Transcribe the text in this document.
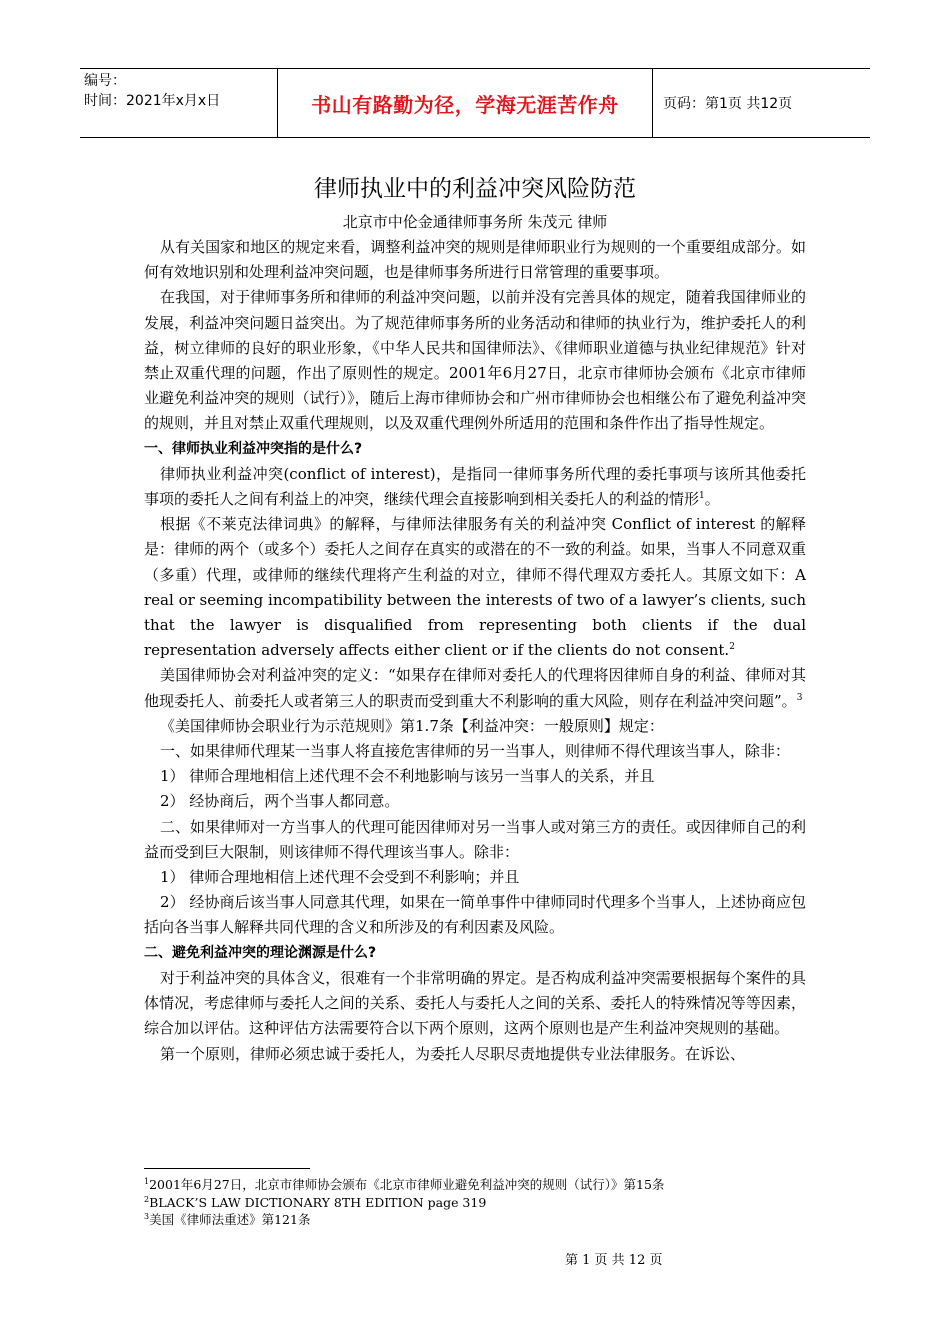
编号：
时间：2021年x月x日	书山有路勤为径，学海无涯苦作舟	页码：第1页 共12页
律师执业中的利益冲突风险防范
北京市中伦金通律师事务所 朱茂元 律师

从有关国家和地区的规定来看，调整利益冲突的规则是律师职业行为规则的一个重要组成部分。如何有效地识别和处理利益冲突问题，也是律师事务所进行日常管理的重要事项。

在我国，对于律师事务所和律师的利益冲突问题，以前并没有完善具体的规定，随着我国律师业的发展，利益冲突问题日益突出。为了规范律师事务所的业务活动和律师的执业行为，维护委托人的利益，树立律师的良好的职业形象，《中华人民共和国律师法》、《律师职业道德与执业纪律规范》针对禁止双重代理的问题，作出了原则性的规定。2001年6月27日，北京市律师协会颁布《北京市律师业避免利益冲突的规则（试行）》，随后上海市律师协会和广州市律师协会也相继公布了避免利益冲突的规则，并且对禁止双重代理规则，以及双重代理例外所适用的范围和条件作出了指导性规定。

一、律师执业利益冲突指的是什么?

律师执业利益冲突(conflict of interest)，是指同一律师事务所代理的委托事项与该所其他委托事项的委托人之间有利益上的冲突，继续代理会直接影响到相关委托人的利益的情形$^1$。

根据《不莱克法律词典》的解释，与律师法律服务有关的利益冲突 Conflict of interest 的解释是：律师的两个（或多个）委托人之间存在真实的或潜在的不一致的利益。如果，当事人不同意双重（多重）代理，或律师的继续代理将产生利益的对立，律师不得代理双方委托人。其原文如下：A real or seeming incompatibility between the interests of two of a lawyer’s clients, such that the lawyer is disqualified from representing both clients if the dual representation adversely affects either client or if the clients do not consent.$^2$

美国律师协会对利益冲突的定义：“如果存在律师对委托人的代理将因律师自身的利益、律师对其他现委托人、前委托人或者第三人的职责而受到重大不利影响的重大风险，则存在利益冲突问题”。$^3$

《美国律师协会职业行为示范规则》第1.7条【利益冲突：一般原则】规定：

一、如果律师代理某一当事人将直接危害律师的另一当事人，则律师不得代理该当事人，除非：

1） 律师合理地相信上述代理不会不利地影响与该另一当事人的关系，并且

2） 经协商后，两个当事人都同意。

二、如果律师对一方当事人的代理可能因律师对另一当事人或对第三方的责任。或因律师自己的利益而受到巨大限制，则该律师不得代理该当事人。除非：

1） 律师合理地相信上述代理不会受到不利影响；并且

2） 经协商后该当事人同意其代理，如果在一简单事件中律师同时代理多个当事人，上述协商应包括向各当事人解释共同代理的含义和所涉及的有利因素及风险。

二、避免利益冲突的理论渊源是什么?

对于利益冲突的具体含义，很难有一个非常明确的界定。是否构成利益冲突需要根据每个案件的具体情况，考虑律师与委托人之间的关系、委托人与委托人之间的关系、委托人的特殊情况等等因素，综合加以评估。这种评估方法需要符合以下两个原则，这两个原则也是产生利益冲突规则的基础。

第一个原则，律师必须忠诚于委托人，为委托人尽职尽责地提供专业法律服务。在诉讼、

$^1$2001年6月27日，北京市律师协会颁布《北京市律师业避免利益冲突的规则（试行）》第15条
$^2$BLACK’S LAW DICTIONARY 8TH EDITION page 319
$^3$美国《律师法重述》第121条
第 1 页 共 12 页
